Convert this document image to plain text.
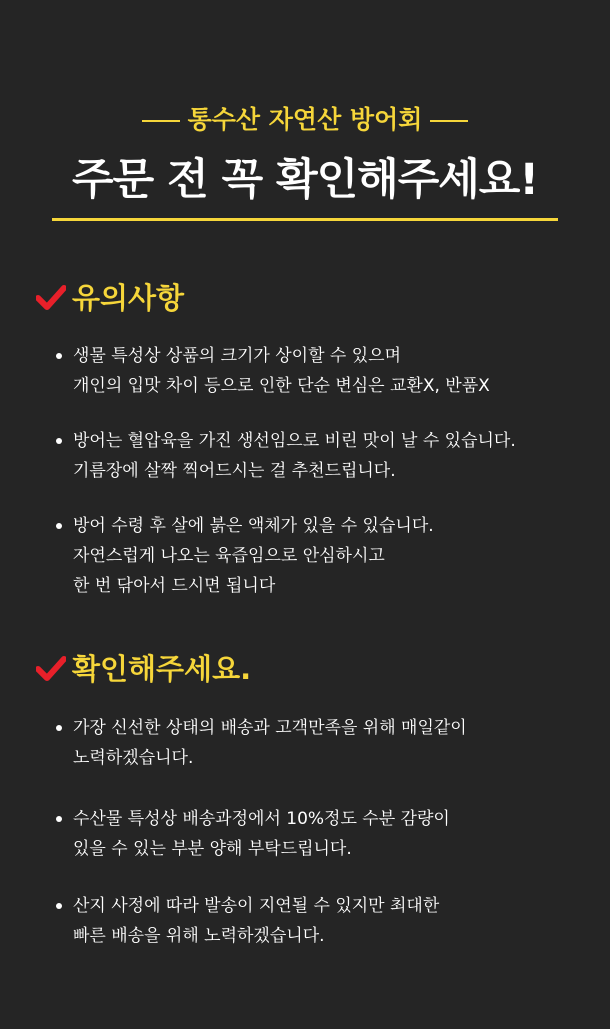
통수산 자연산 방어회
주문 전 꼭 확인해주세요!
유의사항
생물 특성상 상품의 크기가 상이할 수 있으며
개인의 입맛 차이 등으로 인한 단순 변심은 교환X, 반품X
방어는 혈압육을 가진 생선임으로 비린 맛이 날 수 있습니다.
기름장에 살짝 찍어드시는 걸 추천드립니다.
방어 수령 후 살에 붉은 액체가 있을 수 있습니다.
자연스럽게 나오는 육즙임으로 안심하시고
한 번 닦아서 드시면 됩니다
확인해주세요.
가장 신선한 상태의 배송과 고객만족을 위해 매일같이
노력하겠습니다.
수산물 특성상 배송과정에서 10%정도 수분 감량이
있을 수 있는 부분 양해 부탁드립니다.
산지 사정에 따라 발송이 지연될 수 있지만 최대한
빠른 배송을 위해 노력하겠습니다.
